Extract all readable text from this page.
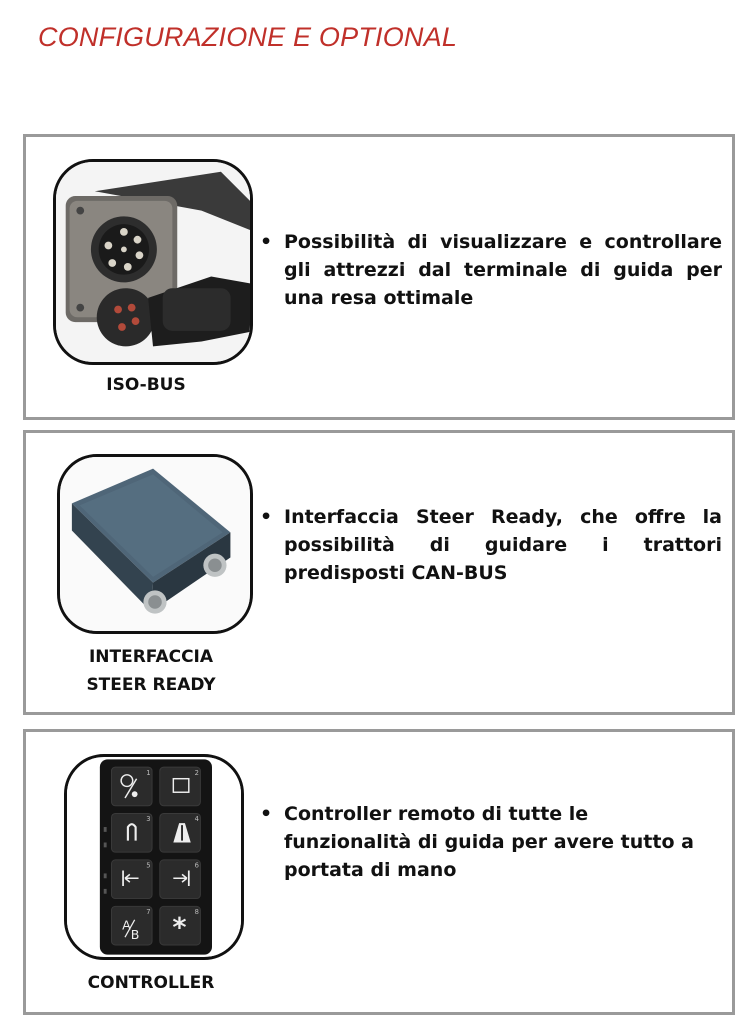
CONFIGURAZIONE E OPTIONAL
ISO-BUS
• Possibilità di visualizzare e controllare gli attrezzi dal terminale di guida per una resa ottimale
INTERFACCIA
STEER READY
• Interfaccia Steer Ready, che offre la possibilità di guidare i trattori predisposti CAN-BUS
A
B *
1	2
3	4
5	6
7	8
CONTROLLER
• Controller remoto di tutte le funzionalità di guida per avere tutto a portata di mano
